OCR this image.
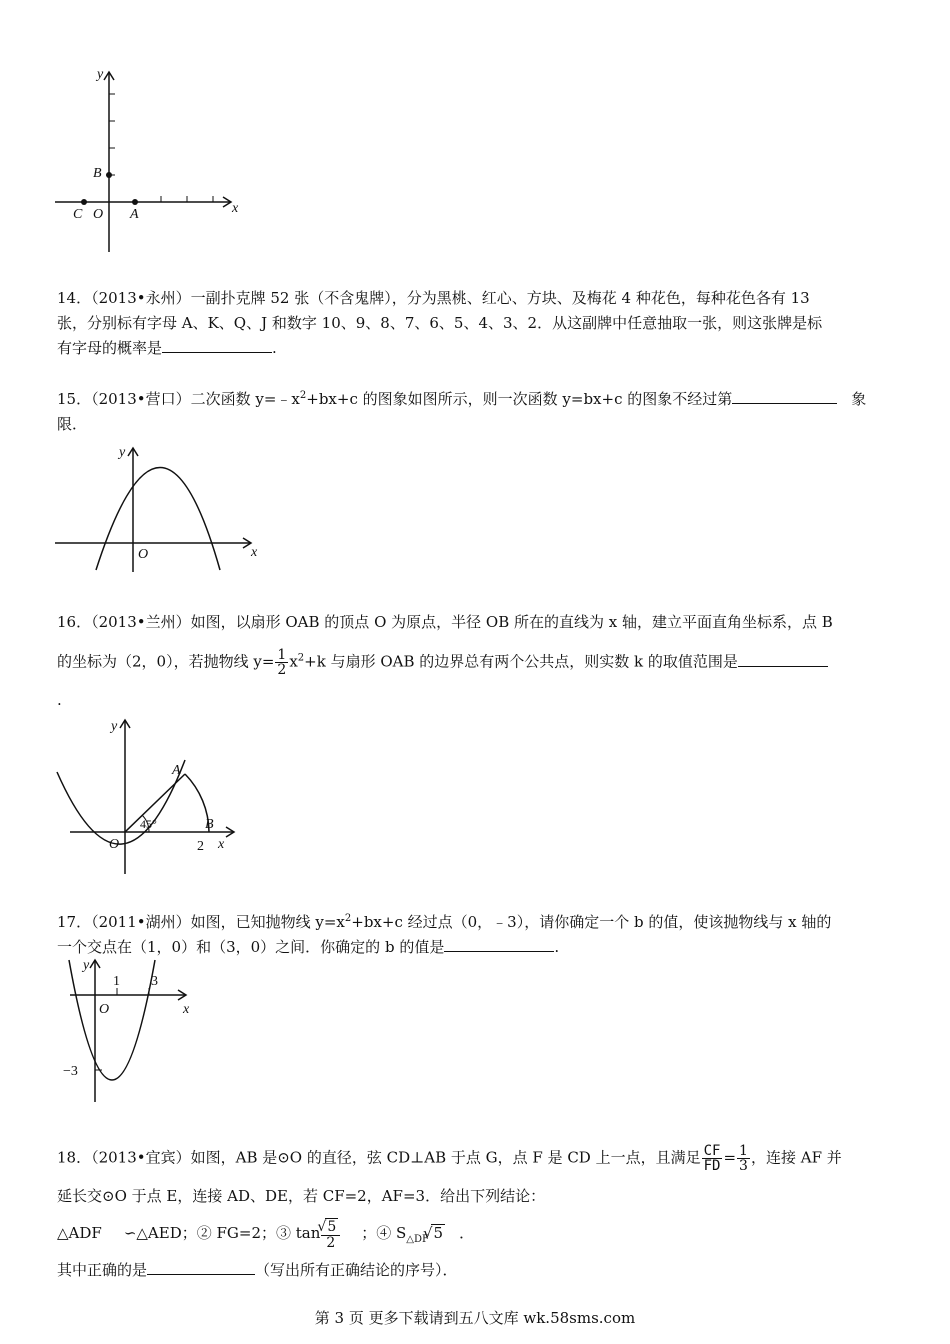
y
x
B
C O A
14．（2013•永州）一副扑克牌 52 张（不含鬼牌），分为黑桃、红心、方块、及梅花 4 种花色，每种花色各有 13
张，分别标有字母 A、K、Q、J 和数字 10、9、8、7、6、5、4、3、2．从这副牌中任意抽取一张，则这张牌是标
有字母的概率是	.
15．（2013•营口）二次函数 $y=﹣x^2+bx+c$ 的图象如图所示，则一次函数 y=bx+c 的图象不经过第	象
限．
y
x
O
16．（2013•兰州）如图，以扇形 OAB 的顶点 O 为原点，半径 OB 所在的直线为 x 轴，建立平面直角坐标系，点 B
的坐标为（2，0），若抛物线 $y= \frac{1}{2} x^2+k$ 与扇形 OAB 的边界总有两个公共点，则实数 k 的取值范围是
.
y
x
A
O
B
45°
2
17．（2011•湖州）如图，已知抛物线 $y=x^2+bx+c$ 经过点（0，﹣3），请你确定一个 b 的值，使该抛物线与 x 轴的
一个交点在（1，0）和（3，0）之间．你确定的 b 的值是	.
y
x
O
1 3
−3
18．（2013•宜宾）如图，AB 是⊙O 的直径，弦 CD⊥AB 于点 G，点 F 是 CD 上一点，且满足 $\frac{CF}{FD} = \frac{1}{3}$ ，连接 AF 并
延长交⊙O 于点 E，连接 AD、DE，若 CF=2，AF=3．给出下列结论：
△ADF ∽△AED；② FG=2；③ tan
√ $\frac{5}{2}$ ；④ $S_{\triangle DF}√$ 5 ．
其中正确的是	（写出所有正确结论的序号）．
第 3 页 更多下载请到五八文库 wk.58sms.com
